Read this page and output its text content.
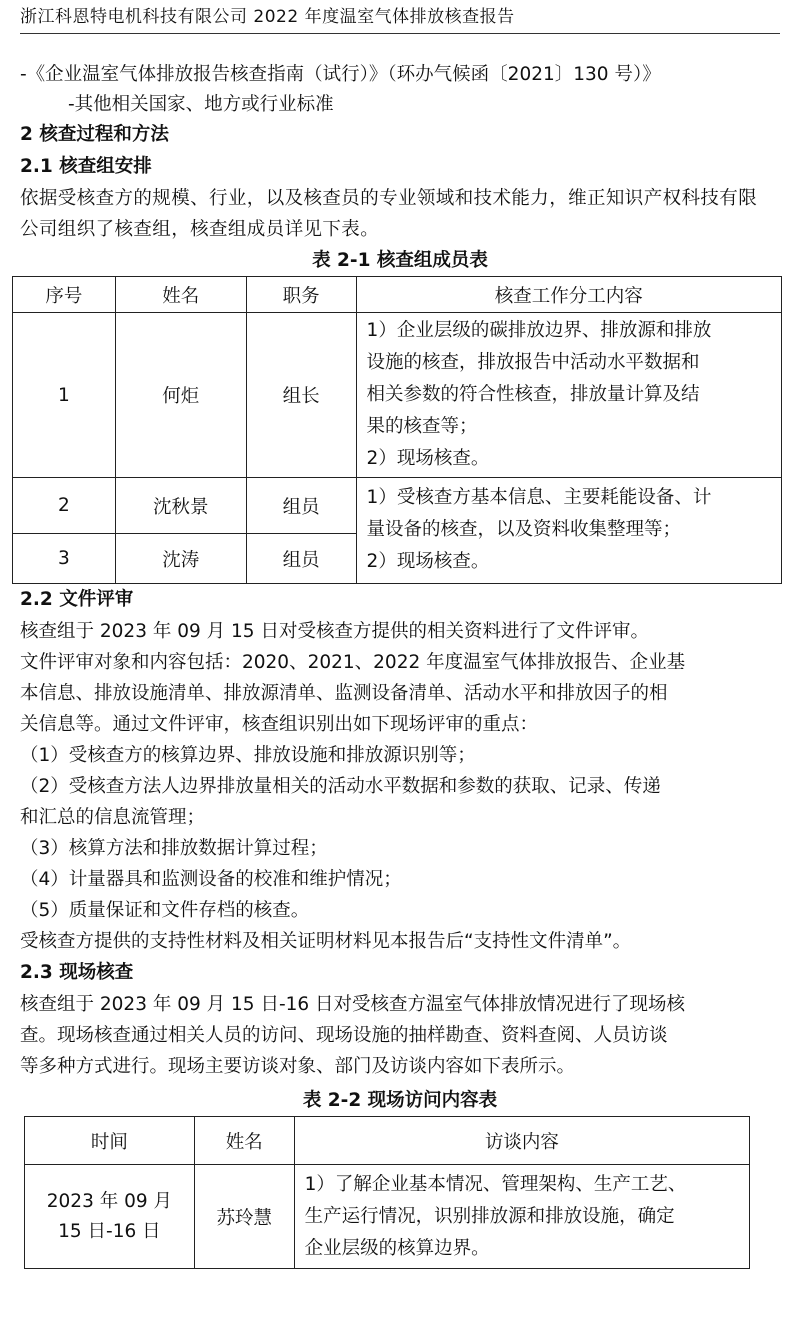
浙江科恩特电机科技有限公司 2022 年度温室气体排放核查报告
-《企业温室气体排放报告核查指南（试行）》（环办气候函〔2021〕130 号）》
-其他相关国家、地方或行业标准
2 核查过程和方法
2.1 核查组安排
依据受核查方的规模、行业，以及核查员的专业领域和技术能力，维正知识产权科技有限公司组织了核查组，核查组成员详见下表。
表 2-1 核查组成员表
序号	姓名	职务	核查工作分工内容
1	何炬	组长	1）企业层级的碳排放边界、排放源和排放
设施的核查，排放报告中活动水平数据和
相关参数的符合性核查，排放量计算及结
果的核查等；
2）现场核查。

2	沈秋景	组员	1）受核查方基本信息、主要耗能设备、计
量设备的核查，以及资料收集整理等；
2）现场核查。

3	沈涛	组员	
2.2 文件评审
核查组于 2023 年 09 月 15 日对受核查方提供的相关资料进行了文件评审。
文件评审对象和内容包括：2020、2021、2022 年度温室气体排放报告、企业基
本信息、排放设施清单、排放源清单、监测设备清单、活动水平和排放因子的相
关信息等。通过文件评审，核查组识别出如下现场评审的重点：
（1）受核查方的核算边界、排放设施和排放源识别等；
（2）受核查方法人边界排放量相关的活动水平数据和参数的获取、记录、传递
和汇总的信息流管理；
（3）核算方法和排放数据计算过程；
（4）计量器具和监测设备的校准和维护情况；
（5）质量保证和文件存档的核查。
受核查方提供的支持性材料及相关证明材料见本报告后“支持性文件清单”。
2.3 现场核查
核查组于 2023 年 09 月 15 日-16 日对受核查方温室气体排放情况进行了现场核
查。现场核查通过相关人员的访问、现场设施的抽样勘查、资料查阅、人员访谈
等多种方式进行。现场主要访谈对象、部门及访谈内容如下表所示。
表 2-2 现场访问内容表
时间	姓名	访谈内容

2023 年 09 月
15 日-16 日	苏玲慧	1）了解企业基本情况、管理架构、生产工艺、
生产运行情况，识别排放源和排放设施，确定
企业层级的核算边界。
